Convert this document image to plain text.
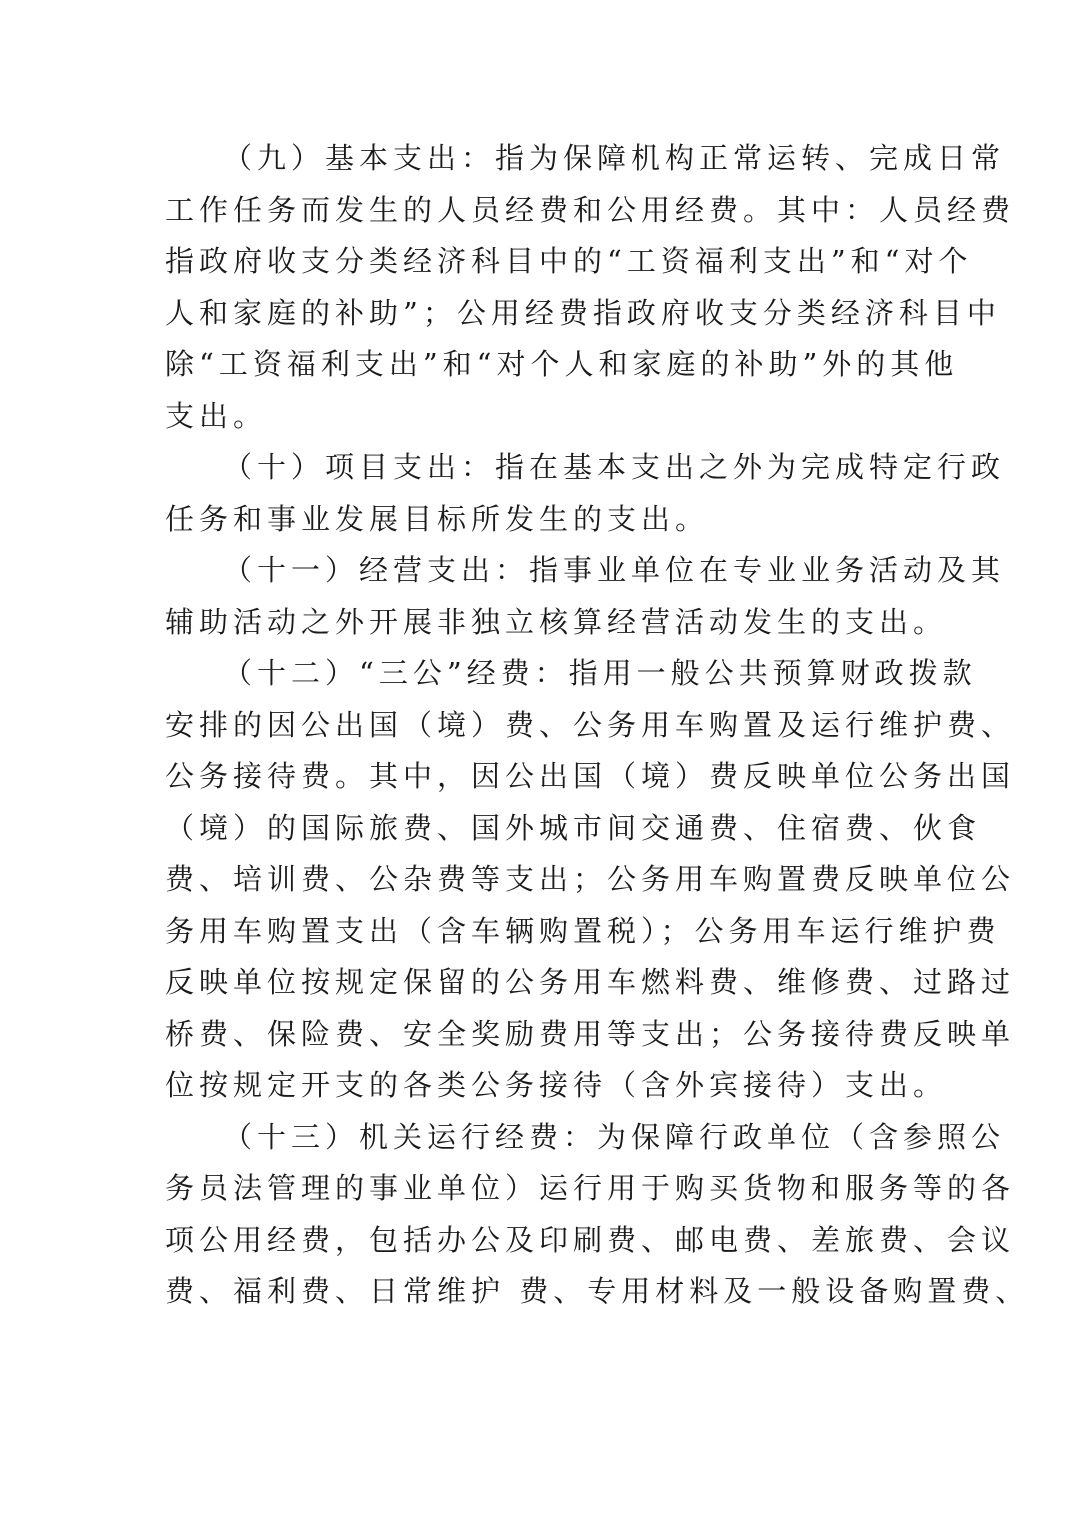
（九）基本支出：指为保障机构正常运转、完成日常
工作任务而发生的人员经费和公用经费。其中：人员经费
指政府收支分类经济科目中的“工资福利支出”和“对个
人和家庭的补助”；公用经费指政府收支分类经济科目中
除“工资福利支出”和“对个人和家庭的补助”外的其他
支出。
（十）项目支出：指在基本支出之外为完成特定行政
任务和事业发展目标所发生的支出。
（十一）经营支出：指事业单位在专业业务活动及其
辅助活动之外开展非独立核算经营活动发生的支出。
（十二）“三公”经费：指用一般公共预算财政拨款
安排的因公出国（境）费、公务用车购置及运行维护费、
公务接待费。其中，因公出国（境）费反映单位公务出国
（境）的国际旅费、国外城市间交通费、住宿费、伙食
费、培训费、公杂费等支出；公务用车购置费反映单位公
务用车购置支出（含车辆购置税）；公务用车运行维护费
反映单位按规定保留的公务用车燃料费、维修费、过路过
桥费、保险费、安全奖励费用等支出；公务接待费反映单
位按规定开支的各类公务接待（含外宾接待）支出。
（十三）机关运行经费：为保障行政单位（含参照公
务员法管理的事业单位）运行用于购买货物和服务等的各
项公用经费，包括办公及印刷费、邮电费、差旅费、会议
费、福利费、日常维护 费、专用材料及一般设备购置费、
